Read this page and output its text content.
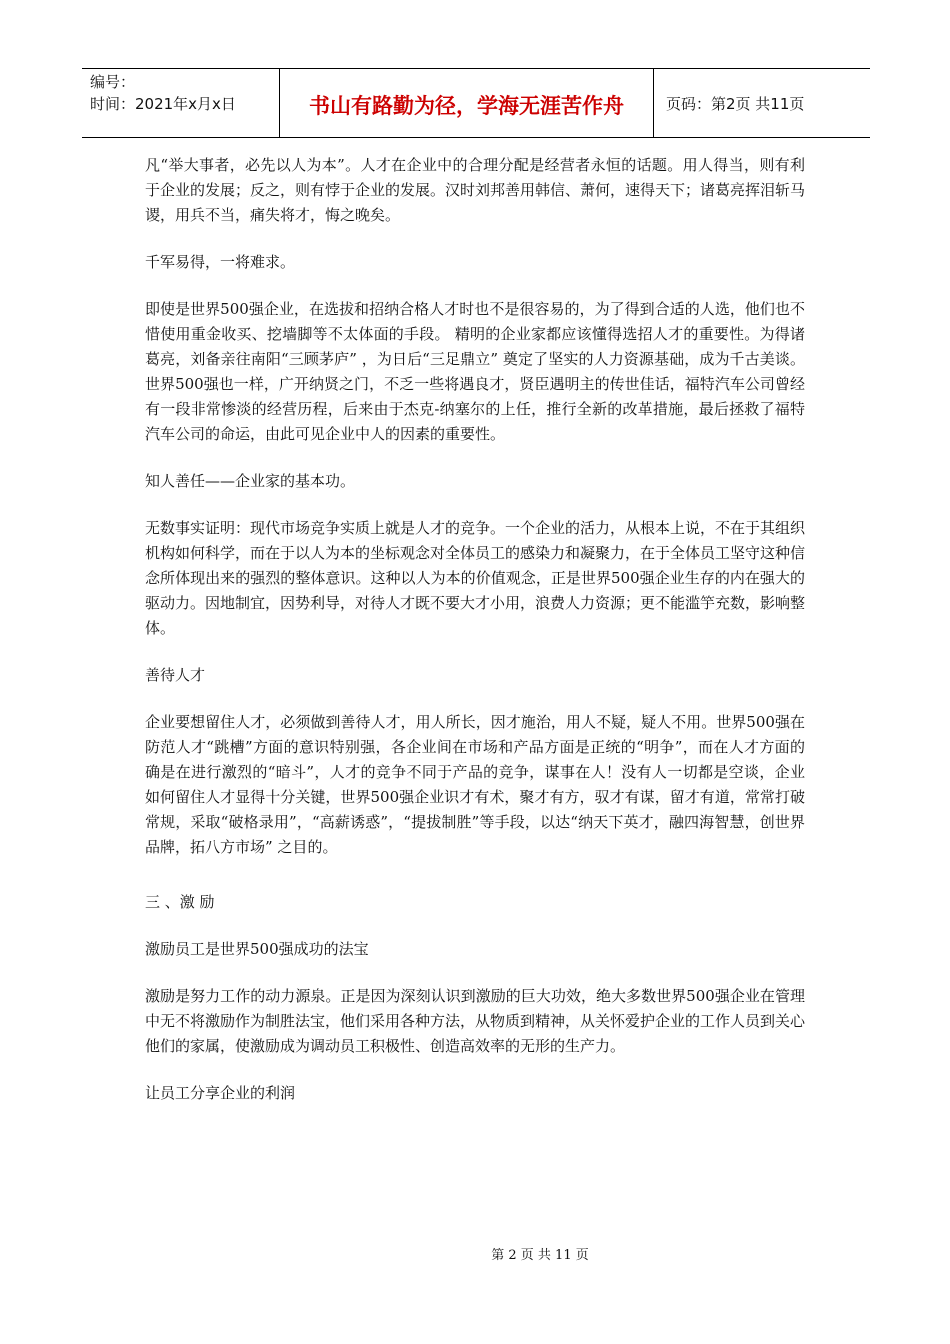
编号：
时间：2021年x月x日	书山有路勤为径，学海无涯苦作舟	页码：第2页 共11页

凡“举大事者，必先以人为本”。人才在企业中的合理分配是经营者永恒的话题。用人得当，则有利于企业的发展；反之，则有悖于企业的发展。汉时刘邦善用韩信、萧何，速得天下；诸葛亮挥泪斩马谡，用兵不当，痛失将才，悔之晚矣。

千军易得，一将难求。

即使是世界500强企业，在选拔和招纳合格人才时也不是很容易的，为了得到合适的人选，他们也不惜使用重金收买、挖墙脚等不太体面的手段。 精明的企业家都应该懂得选招人才的重要性。为得诸葛亮，刘备亲往南阳“三顾茅庐” ，为日后“三足鼎立” 奠定了坚实的人力资源基础，成为千古美谈。世界500强也一样，广开纳贤之门，不乏一些将遇良才，贤臣遇明主的传世佳话，福特汽车公司曾经有一段非常惨淡的经营历程，后来由于杰克-纳塞尔的上任，推行全新的改革措施，最后拯救了福特汽车公司的命运，由此可见企业中人的因素的重要性。

知人善任——企业家的基本功。

无数事实证明：现代市场竞争实质上就是人才的竞争。一个企业的活力，从根本上说，不在于其组织机构如何科学，而在于以人为本的坐标观念对全体员工的感染力和凝聚力，在于全体员工坚守这种信念所体现出来的强烈的整体意识。这种以人为本的价值观念，正是世界500强企业生存的内在强大的驱动力。因地制宜，因势利导，对待人才既不要大才小用，浪费人力资源；更不能滥竽充数，影响整体。

善待人才

企业要想留住人才，必须做到善待人才，用人所长，因才施治，用人不疑，疑人不用。世界500强在防范人才“跳槽”方面的意识特别强，各企业间在市场和产品方面是正统的“明争”，而在人才方面的确是在进行激烈的“暗斗”，人才的竞争不同于产品的竞争，谋事在人！没有人一切都是空谈，企业如何留住人才显得十分关键，世界500强企业识才有术，聚才有方，驭才有谋，留才有道，常常打破常规，采取“破格录用”，“高薪诱惑”，“提拔制胜”等手段，以达“纳天下英才，融四海智慧，创世界品牌，拓八方市场” 之目的。

三 、激 励

激励员工是世界500强成功的法宝

激励是努力工作的动力源泉。正是因为深刻认识到激励的巨大功效，绝大多数世界500强企业在管理中无不将激励作为制胜法宝，他们采用各种方法，从物质到精神，从关怀爱护企业的工作人员到关心他们的家属，使激励成为调动员工积极性、创造高效率的无形的生产力。

让员工分享企业的利润

第 2 页 共 11 页
